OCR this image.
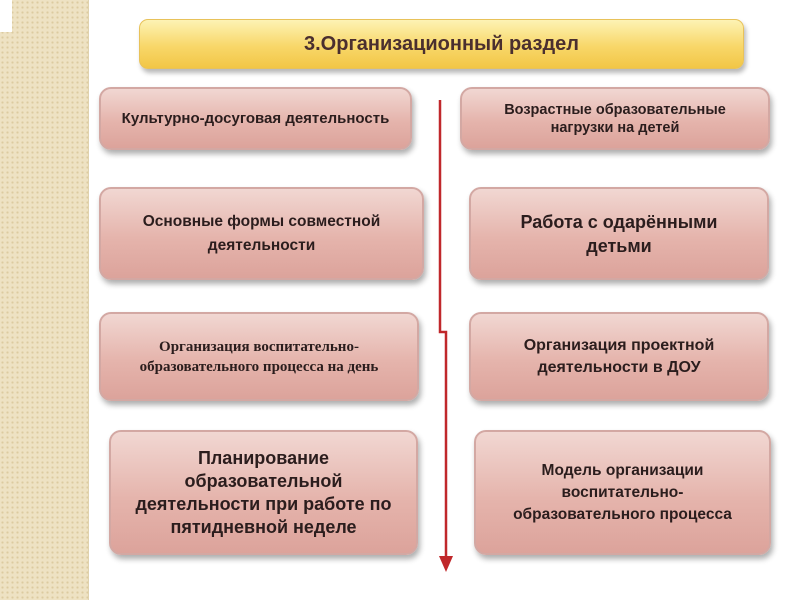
3.Организационный раздел
Культурно-досуговая деятельность
Основные формы совместной деятельности
Организация воспитательно-образовательного процесса на день
Планирование образовательной деятельности при работе по пятидневной неделе
Возрастные образовательные нагрузки на детей
Работа с одарёнными детьми
Организация проектной деятельности в ДОУ
Модель организации воспитательно-образовательного процесса
